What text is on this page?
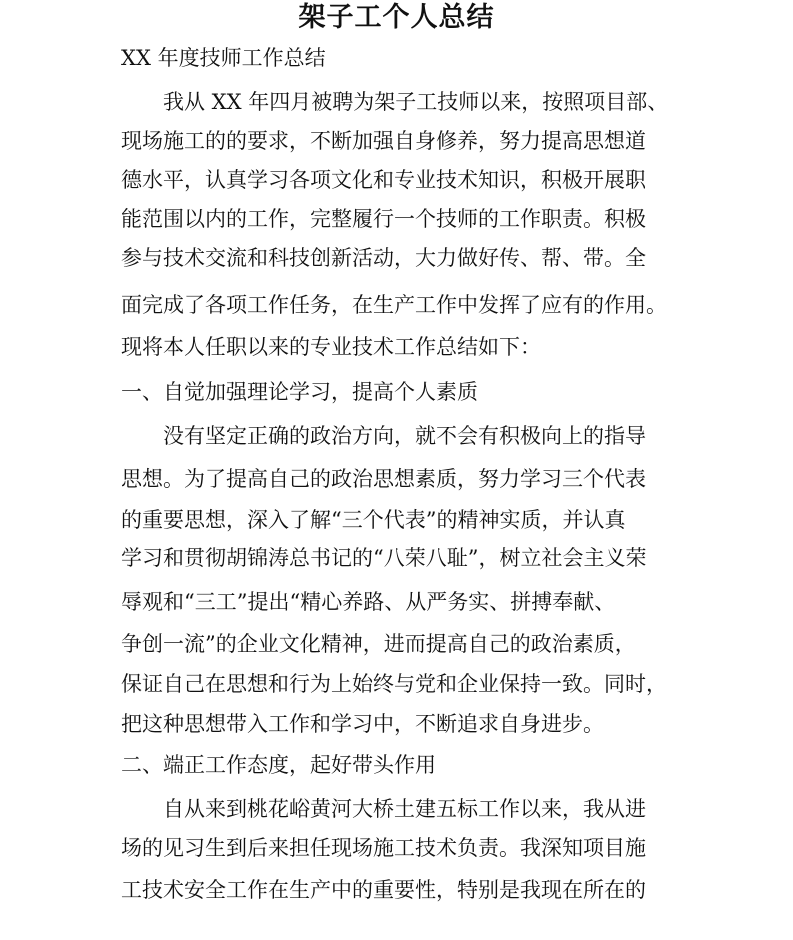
架子工个人总结
XX 年度技师工作总结
我从 XX 年四月被聘为架子工技师以来，按照项目部、
现场施工的的要求，不断加强自身修养，努力提高思想道
德水平，认真学习各项文化和专业技术知识，积极开展职
能范围以内的工作，完整履行一个技师的工作职责。积极
参与技术交流和科技创新活动，大力做好传、帮、带。全
面完成了各项工作任务，在生产工作中发挥了应有的作用。
现将本人任职以来的专业技术工作总结如下：
一、自觉加强理论学习，提高个人素质
没有坚定正确的政治方向，就不会有积极向上的指导
思想。为了提高自己的政治思想素质，努力学习三个代表
的重要思想，深入了解“三个代表”的精神实质，并认真
学习和贯彻胡锦涛总书记的“八荣八耻”，树立社会主义荣
辱观和“三工”提出“精心养路、从严务实、拼搏奉献、
争创一流”的企业文化精神，进而提高自己的政治素质，
保证自己在思想和行为上始终与党和企业保持一致。同时，
把这种思想带入工作和学习中，不断追求自身进步。
二、端正工作态度，起好带头作用
自从来到桃花峪黄河大桥土建五标工作以来，我从进
场的见习生到后来担任现场施工技术负责。我深知项目施
工技术安全工作在生产中的重要性，特别是我现在所在的
